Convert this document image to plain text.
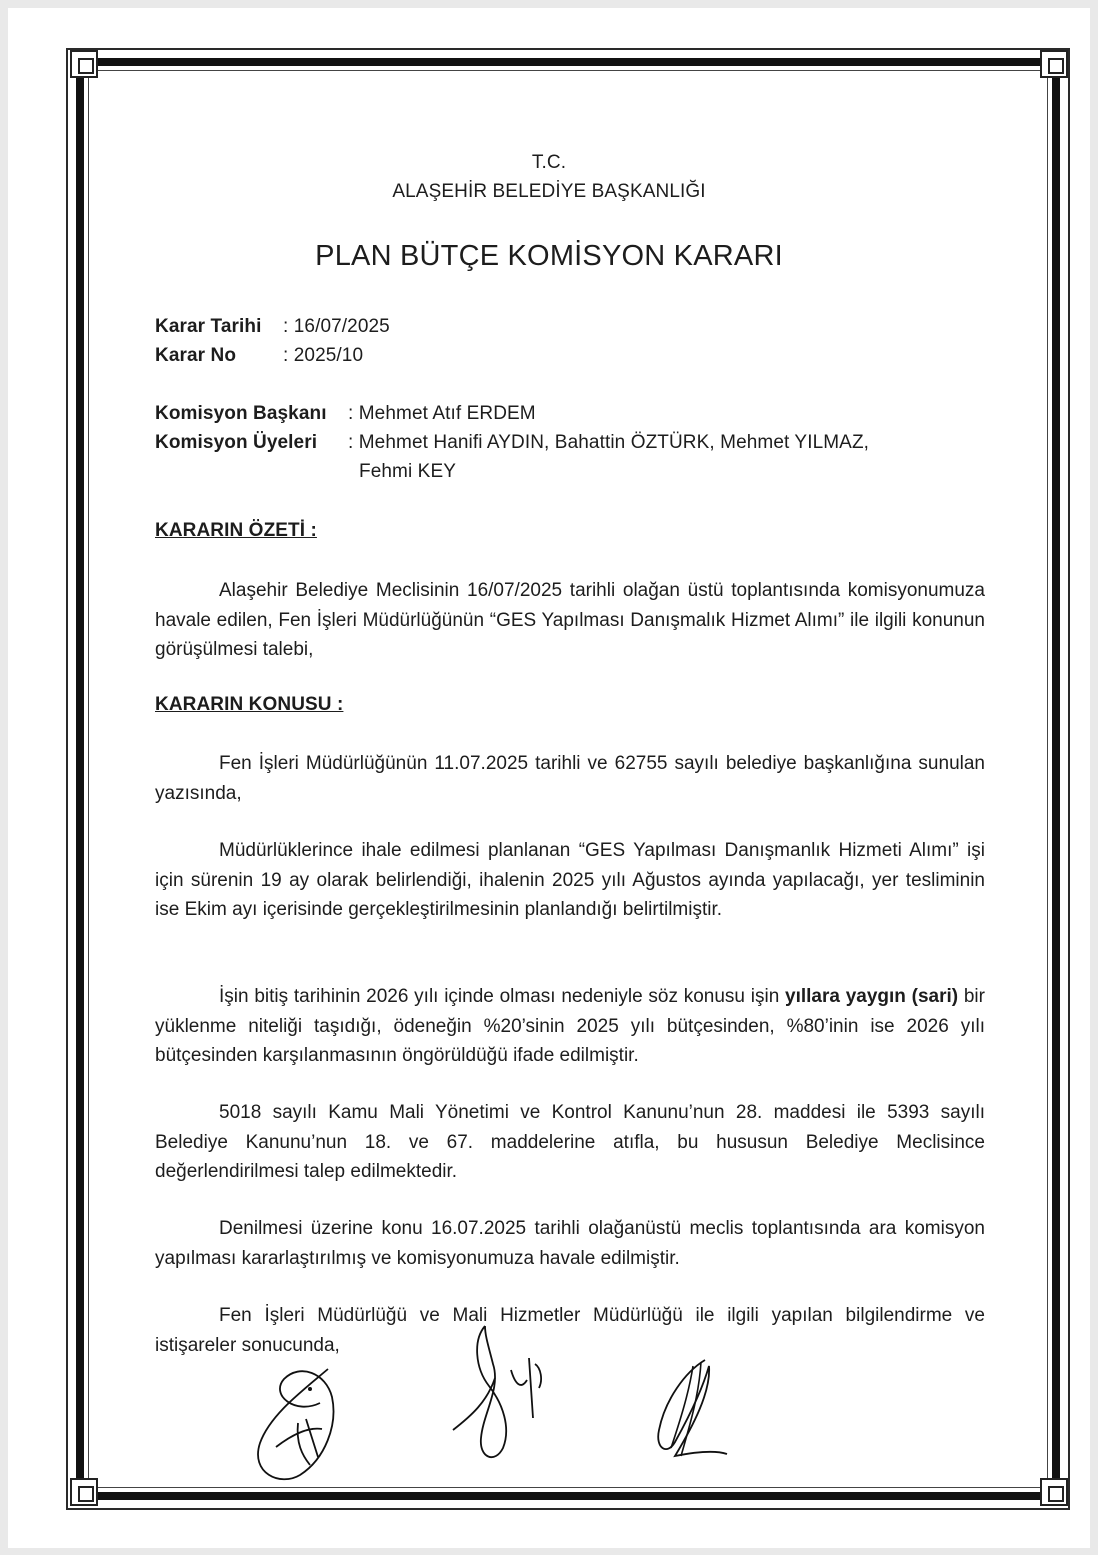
T.C.
ALAŞEHİR BELEDİYE BAŞKANLIĞI
PLAN BÜTÇE KOMİSYON KARARI
Karar Tarihi : 16/07/2025
Karar No : 2025/10
Komisyon Başkanı : Mehmet Atıf ERDEM
Komisyon Üyeleri : Mehmet Hanifi AYDIN, Bahattin ÖZTÜRK, Mehmet YILMAZ,
Fehmi KEY
KARARIN ÖZETİ :
Alaşehir Belediye Meclisinin 16/07/2025 tarihli olağan üstü toplantısında komisyonumuza havale edilen, Fen İşleri Müdürlüğünün “GES Yapılması Danışmalık Hizmet Alımı” ile ilgili konunun görüşülmesi talebi,
KARARIN KONUSU :
Fen İşleri Müdürlüğünün 11.07.2025 tarihli ve 62755 sayılı belediye başkanlığına sunulan yazısında,
Müdürlüklerince ihale edilmesi planlanan “GES Yapılması Danışmanlık Hizmeti Alımı” işi için sürenin 19 ay olarak belirlendiği, ihalenin 2025 yılı Ağustos ayında yapılacağı, yer tesliminin ise Ekim ayı içerisinde gerçekleştirilmesinin planlandığı belirtilmiştir.
İşin bitiş tarihinin 2026 yılı içinde olması nedeniyle söz konusu işin yıllara yaygın (sari) bir yüklenme niteliği taşıdığı, ödeneğin %20’sinin 2025 yılı bütçesinden, %80’inin ise 2026 yılı bütçesinden karşılanmasının öngörüldüğü ifade edilmiştir.
5018 sayılı Kamu Mali Yönetimi ve Kontrol Kanunu’nun 28. maddesi ile 5393 sayılı Belediye Kanunu’nun 18. ve 67. maddelerine atıfla, bu hususun Belediye Meclisince değerlendirilmesi talep edilmektedir.
Denilmesi üzerine konu 16.07.2025 tarihli olağanüstü meclis toplantısında ara komisyon yapılması kararlaştırılmış ve komisyonumuza havale edilmiştir.
Fen İşleri Müdürlüğü ve Mali Hizmetler Müdürlüğü ile ilgili yapılan bilgilendirme ve istişareler sonucunda,
